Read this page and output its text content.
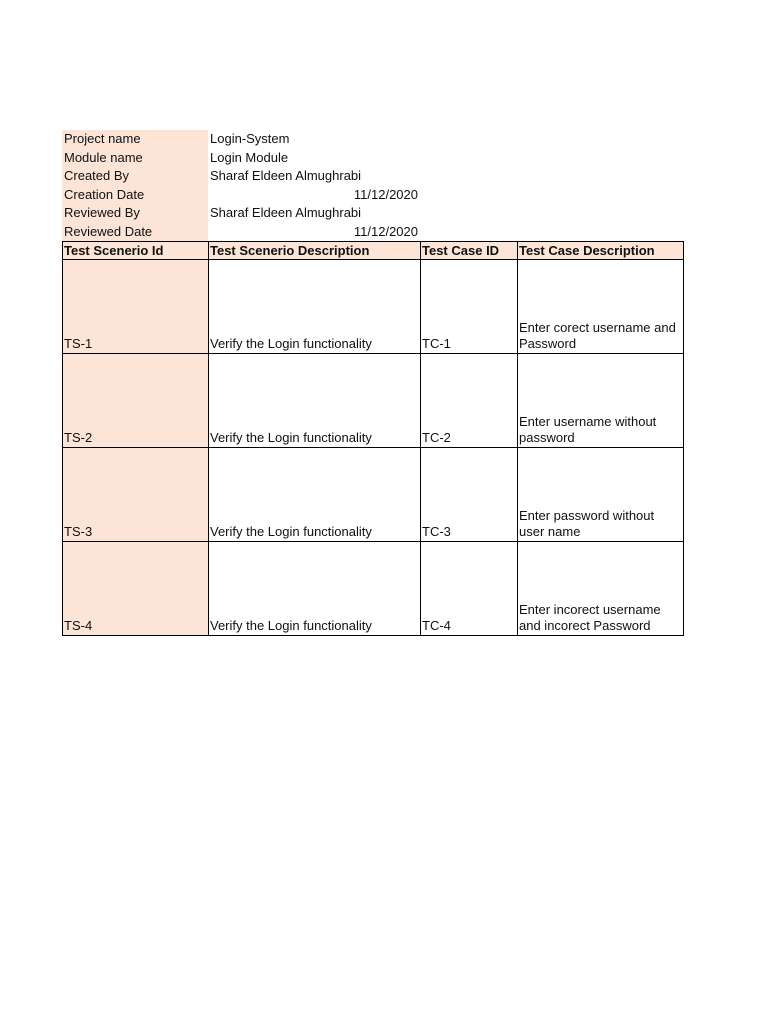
Project name	Login-System
Module name	Login Module
Created By	Sharaf Eldeen Almughrabi
Creation Date	11/12/2020
Reviewed By	Sharaf Eldeen Almughrabi
Reviewed Date	11/12/2020
Test Scenerio Id	Test Scenerio Description	Test Case ID	Test Case Description
TS-1	Verify the Login functionality	TC-1	Enter corect username and Password
TS-2	Verify the Login functionality	TC-2	Enter username without password
TS-3	Verify the Login functionality	TC-3	Enter password without user name
TS-4	Verify the Login functionality	TC-4	Enter incorect username and incorect Password
